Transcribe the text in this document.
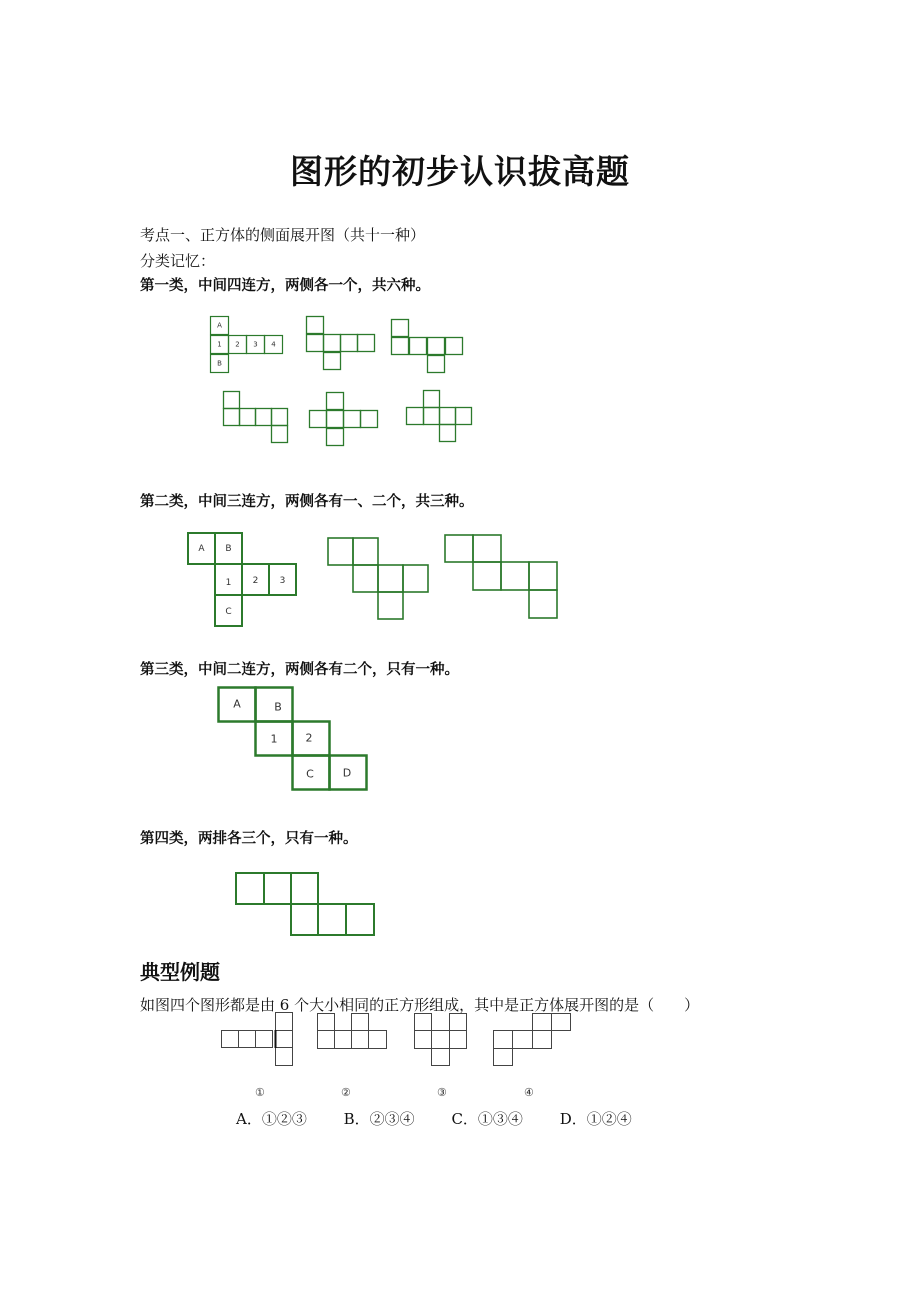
图形的初步认识拔高题
考点一、正方体的侧面展开图（共十一种）
分类记忆：
第一类，中间四连方，两侧各一个，共六种。
A
1 2 3 4
B
第二类，中间三连方，两侧各有一、二个，共三种。
A B
1 2 3
C
第三类，中间二连方，两侧各有二个，只有一种。
A	B
1	2
C	D
第四类，两排各三个，只有一种。
典型例题
如图四个图形都是由 6 个大小相同的正方形组成，其中是正方体展开图的是（　　）
①	②	③	④
A．①②③ B．②③④ C．①③④ D．①②④
